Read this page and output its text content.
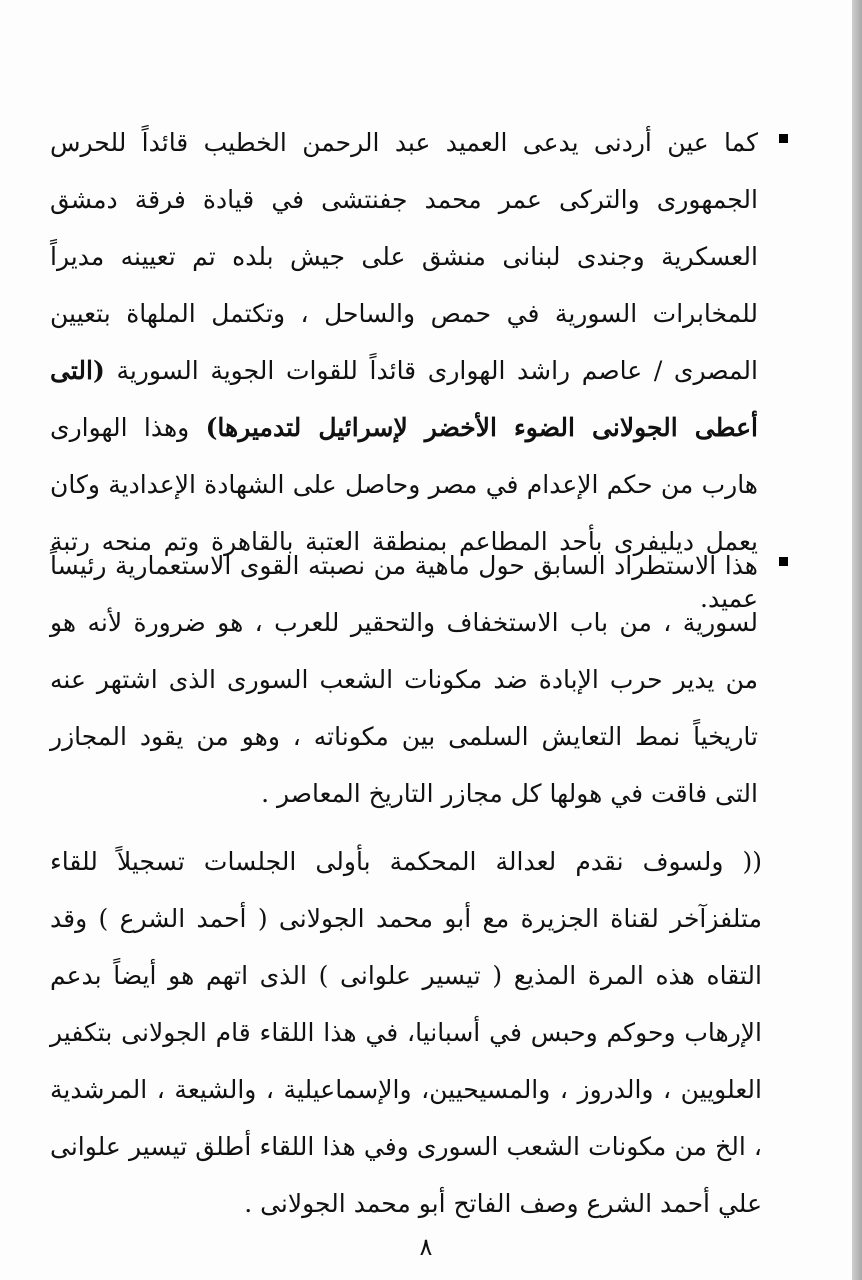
كما عين أردنى يدعى العميد عبد الرحمن الخطيب قائداً للحرس الجمهورى والتركى عمر محمد جفنتشى في قيادة فرقة دمشق العسكرية وجندى لبنانى منشق على جيش بلده تم تعيينه مديراً للمخابرات السورية في حمص والساحل ، وتكتمل الملهاة بتعيين المصرى / عاصم راشد الهوارى قائداً للقوات الجوية السورية (التى أعطى الجولانى الضوء الأخضر لإسرائيل لتدميرها) وهذا الهوارى هارب من حكم الإعدام في مصر وحاصل على الشهادة الإعدادية وكان يعمل ديليفرى بأحد المطاعم بمنطقة العتبة بالقاهرة وتم منحه رتبة عميد.

هذا الاستطراد السابق حول ماهية من نصبته القوى الاستعمارية رئيساً لسورية ، من باب الاستخفاف والتحقير للعرب ، هو ضرورة لأنه هو من يدير حرب الإبادة ضد مكونات الشعب السورى الذى اشتهر عنه تاريخياً نمط التعايش السلمى بين مكوناته ، وهو من يقود المجازر التى فاقت في هولها كل مجازر التاريخ المعاصر .

(( ولسوف نقدم لعدالة المحكمة بأولى الجلسات تسجيلاً للقاء متلفزآخر لقناة الجزيرة مع أبو محمد الجولانى ( أحمد الشرع ) وقد التقاه هذه المرة المذيع ( تيسير علوانى ) الذى اتهم هو أيضاً بدعم الإرهاب وحوكم وحبس في أسبانيا، في هذا اللقاء قام الجولانى بتكفير العلويين ، والدروز ، والمسيحيين، والإسماعيلية ، والشيعة ، المرشدية ، الخ من مكونات الشعب السورى وفي هذا اللقاء أطلق تيسير علوانى علي أحمد الشرع وصف الفاتح أبو محمد الجولانى .

٨
